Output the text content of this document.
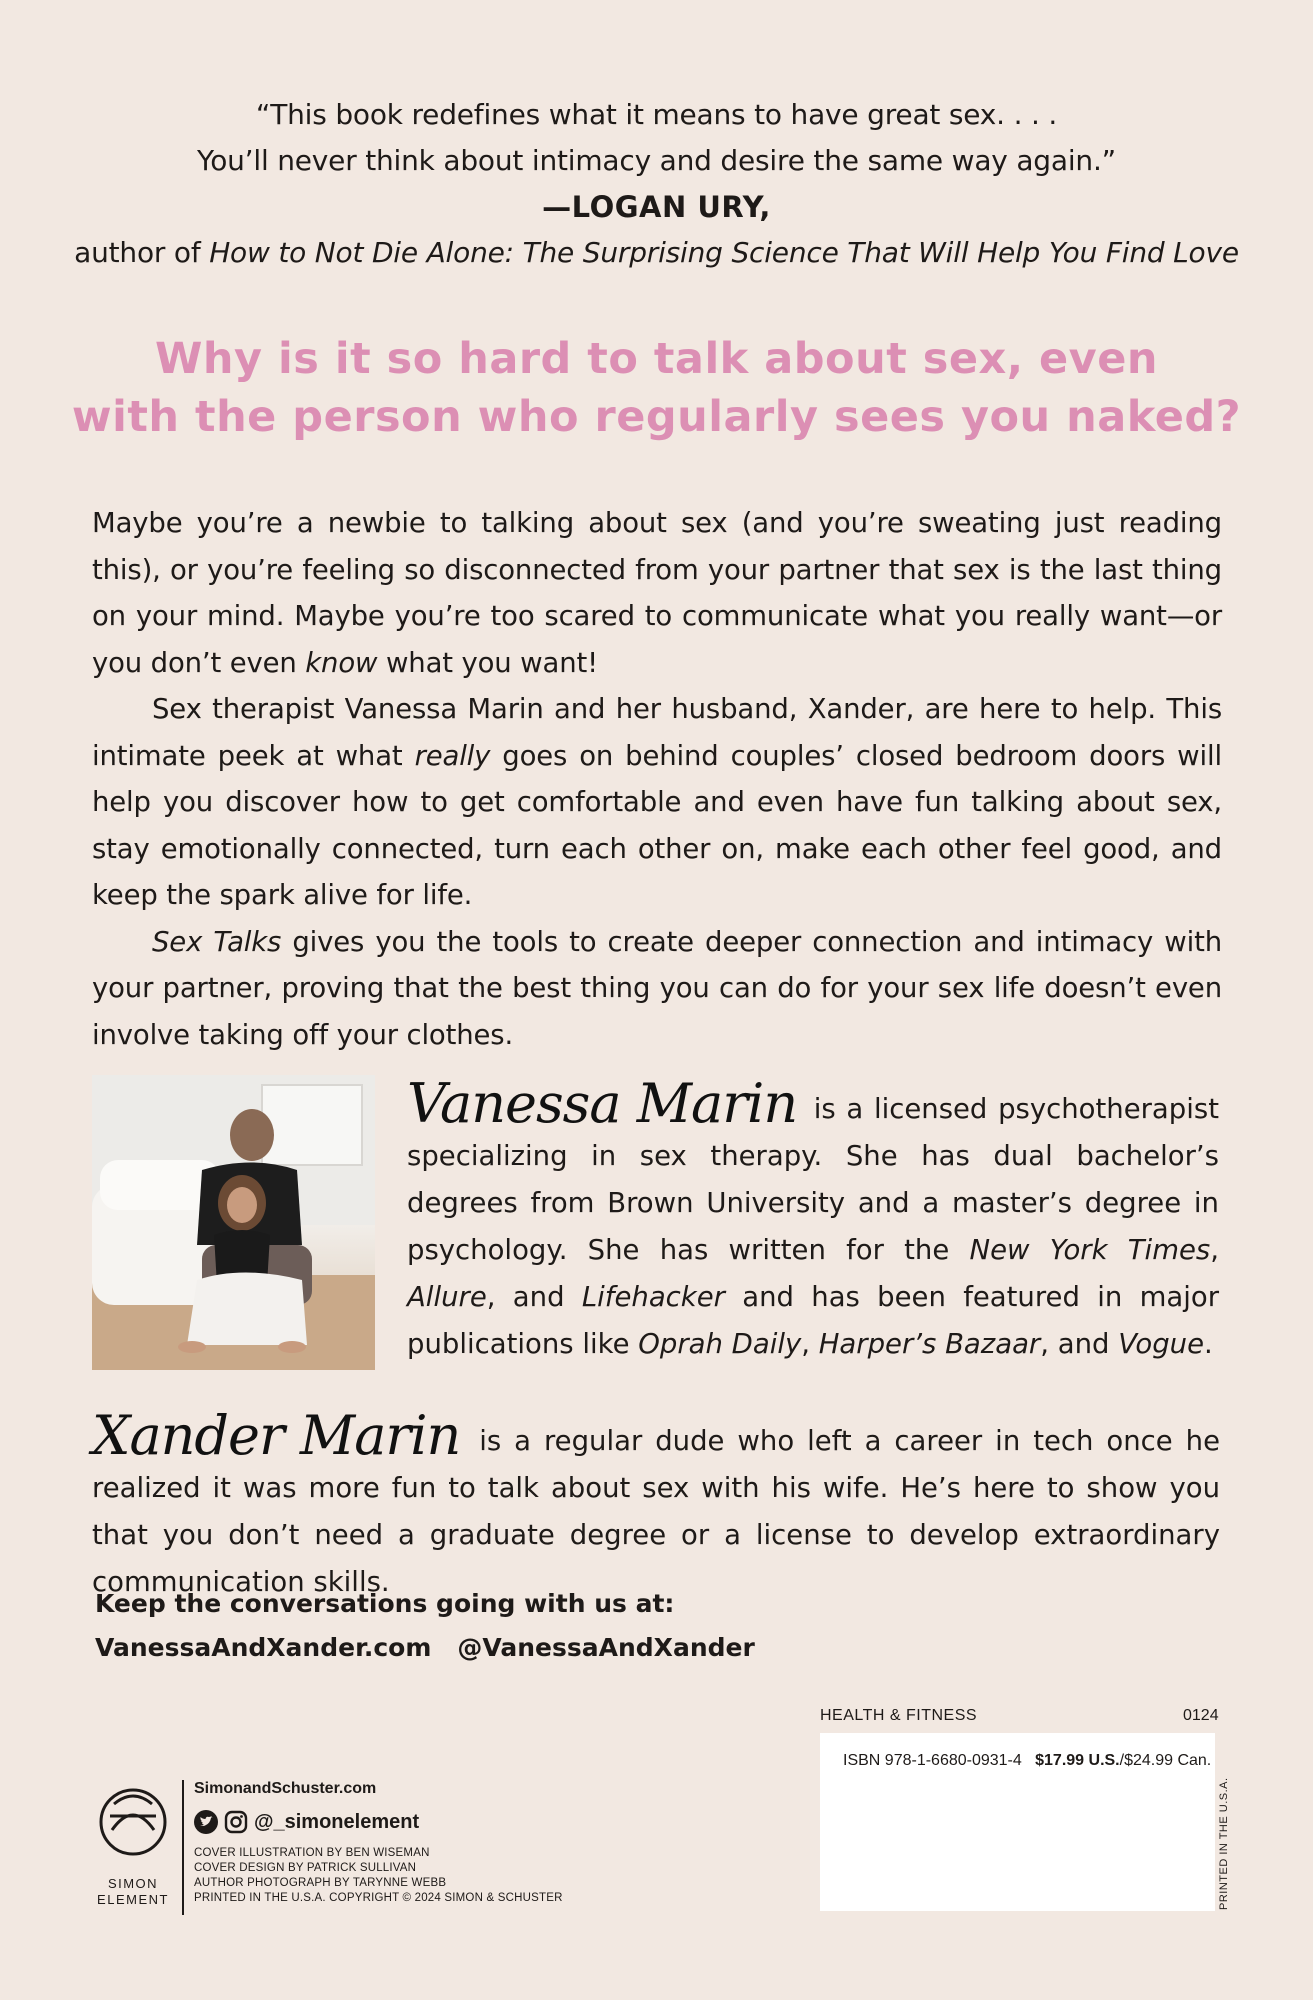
“This book redefines what it means to have great sex. . . .
You’ll never think about intimacy and desire the same way again.”
—LOGAN URY,
author of How to Not Die Alone: The Surprising Science That Will Help You Find Love
Why is it so hard to talk about sex, even
with the person who regularly sees you naked?

Maybe you’re a newbie to talking about sex (and you’re sweating just reading this), or you’re feeling so disconnected from your partner that sex is the last thing on your mind. Maybe you’re too scared to communicate what you really want—or you don’t even know what you want!

Sex therapist Vanessa Marin and her husband, Xander, are here to help. This intimate peek at what really goes on behind couples’ closed bedroom doors will help you discover how to get comfortable and even have fun talking about sex, stay emotionally connected, turn each other on, make each other feel good, and keep the spark alive for life.

Sex Talks gives you the tools to create deeper connection and intimacy with your partner, proving that the best thing you can do for your sex life doesn’t even involve taking off your clothes.

Vanessa Marin is a licensed psychotherapist specializing in sex therapy. She has dual bachelor’s degrees from Brown University and a master’s degree in psychology. She has written for the New York Times, Allure, and Lifehacker and has been featured in major publications like Oprah Daily, Harper’s Bazaar, and Vogue.

Xander Marin is a regular dude who left a career in tech once he realized it was more fun to talk about sex with his wife. He’s here to show you that you don’t need a graduate degree or a license to develop extraordinary communication skills.

Keep the conversations going with us at:
VanessaAndXander.com @VanessaAndXander
SIMON
ELEMENT
SimonandSchuster.com
@_simonelement
COVER ILLUSTRATION BY BEN WISEMAN
COVER DESIGN BY PATRICK SULLIVAN
AUTHOR PHOTOGRAPH BY TARYNNE WEBB
PRINTED IN THE U.S.A. COPYRIGHT © 2024 SIMON & SCHUSTER
HEALTH & FITNESS	0124
ISBN 978-1-6680-0931-4 $17.99 U.S./$24.99 Can.
PRINTED IN THE U.S.A.
